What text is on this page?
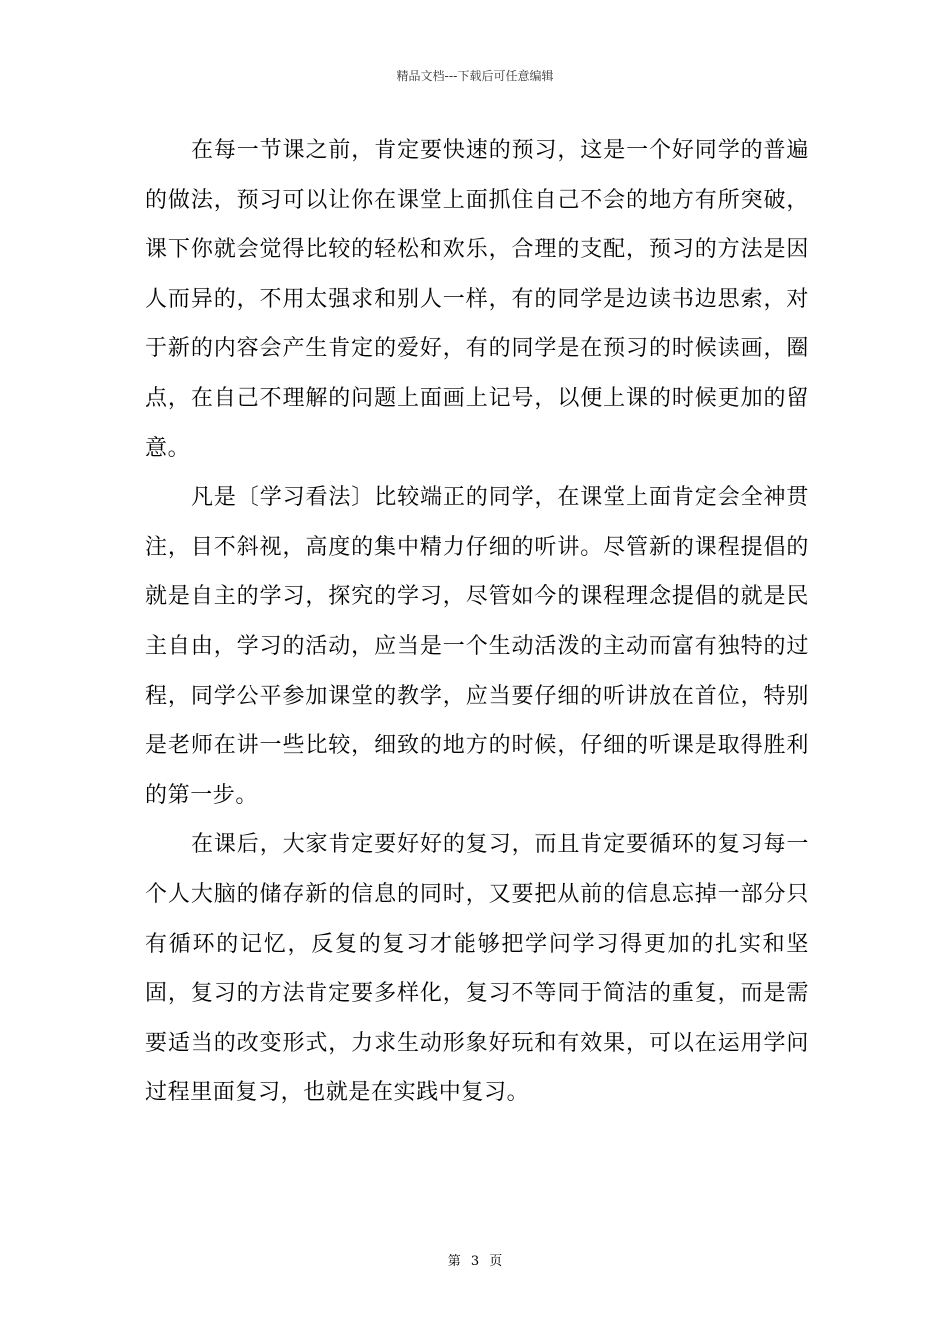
精品文档---下载后可任意编辑

在每一节课之前，肯定要快速的预习，这是一个好同学的普遍的做法，预习可以让你在课堂上面抓住自己不会的地方有所突破，课下你就会觉得比较的轻松和欢乐，合理的支配，预习的方法是因人而异的，不用太强求和别人一样，有的同学是边读书边思索，对于新的内容会产生肯定的爱好，有的同学是在预习的时候读画，圈点，在自己不理解的问题上面画上记号，以便上课的时候更加的留意。

凡是〔学习看法〕比较端正的同学，在课堂上面肯定会全神贯注，目不斜视，高度的集中精力仔细的听讲。尽管新的课程提倡的就是自主的学习，探究的学习，尽管如今的课程理念提倡的就是民主自由，学习的活动，应当是一个生动活泼的主动而富有独特的过程，同学公平参加课堂的教学，应当要仔细的听讲放在首位，特别是老师在讲一些比较，细致的地方的时候，仔细的听课是取得胜利的第一步。

在课后，大家肯定要好好的复习，而且肯定要循环的复习每一个人大脑的储存新的信息的同时，又要把从前的信息忘掉一部分只有循环的记忆，反复的复习才能够把学问学习得更加的扎实和坚固，复习的方法肯定要多样化，复习不等同于简洁的重复，而是需要适当的改变形式，力求生动形象好玩和有效果，可以在运用学问过程里面复习，也就是在实践中复习。

第 3 页
